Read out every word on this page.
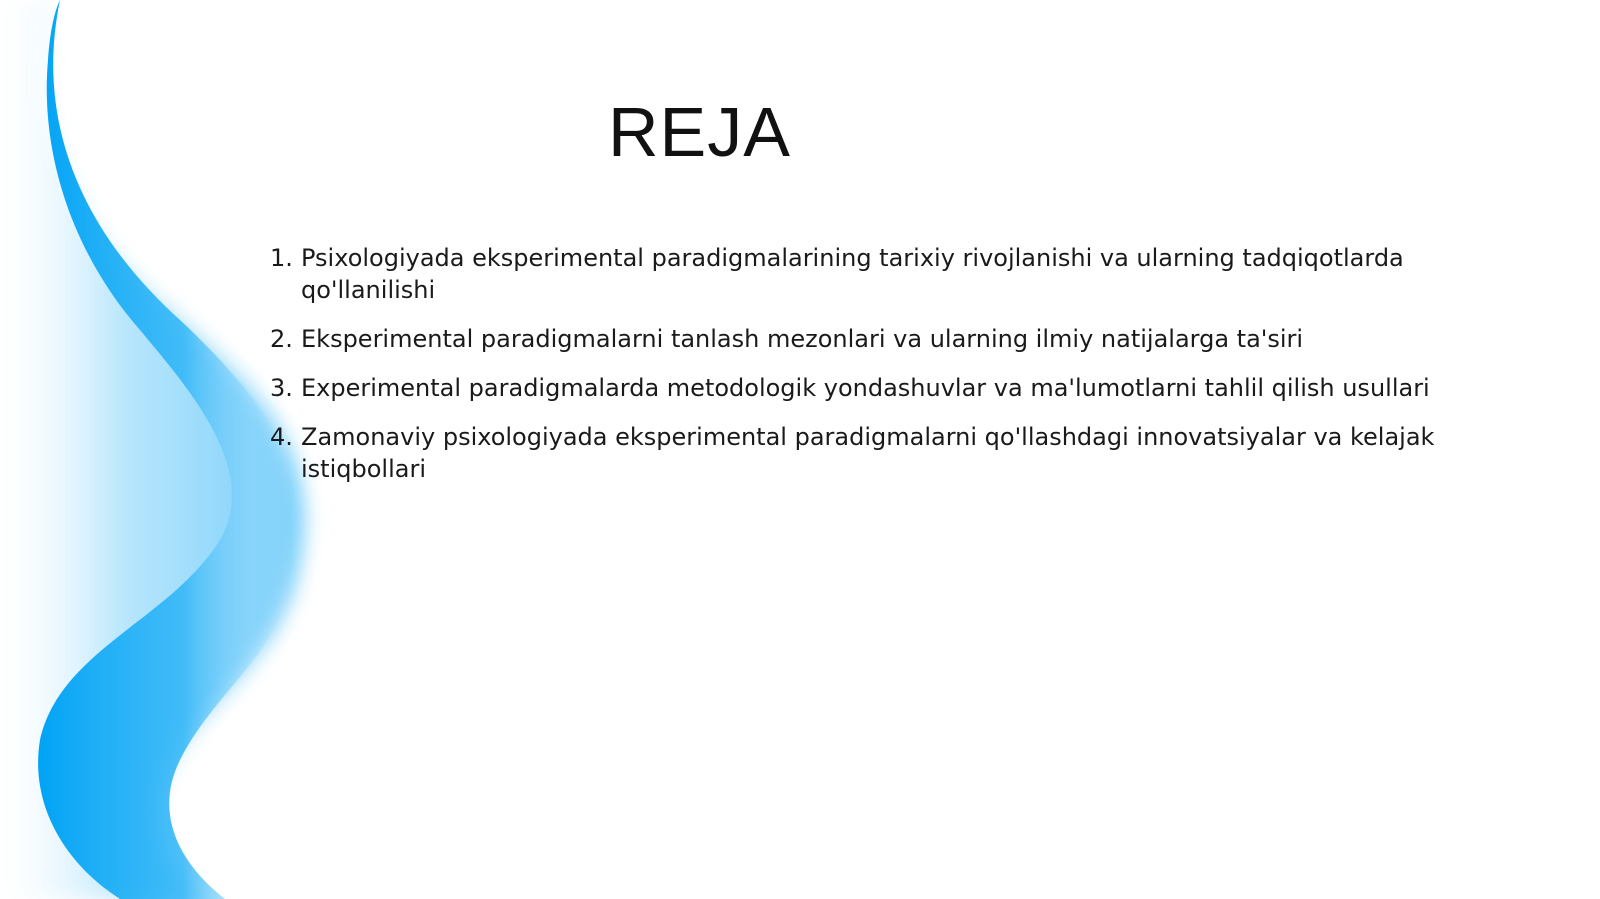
REJA
1. Psixologiyada eksperimental paradigmalarining tarixiy rivojlanishi va ularning tadqiqotlarda qo'llanilishi
2. Eksperimental paradigmalarni tanlash mezonlari va ularning ilmiy natijalarga ta'siri
3. Experimental paradigmalarda metodologik yondashuvlar va ma'lumotlarni tahlil qilish usullari
4. Zamonaviy psixologiyada eksperimental paradigmalarni qo'llashdagi innovatsiyalar va kelajak istiqbollari
